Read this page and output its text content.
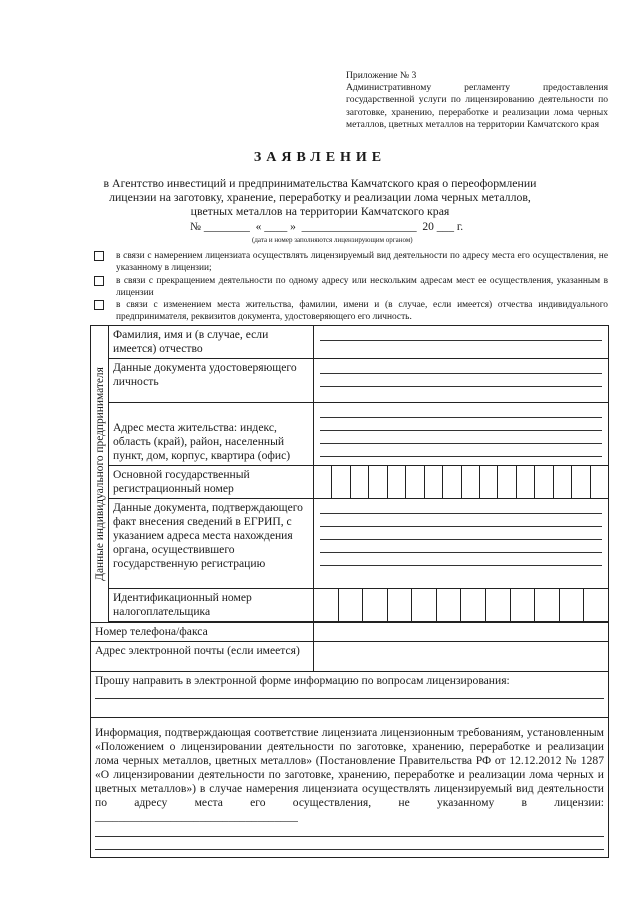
Приложение № 3

Административному регламенту предоставления государственной услуги по лицензированию деятельности по заготовке, хранению, переработке и реализации лома черных металлов, цветных металлов на территории Камчатского края

ЗАЯВЛЕНИЕ
в Агентство инвестиций и предпринимательства Камчатского края о переоформлении лицензии на заготовку, хранение, переработку и реализации лома черных металлов, цветных металлов на территории Камчатского края
№ ________  « ____ »  ____________________  20 ___ г.
(дата и номер заполняются лицензирующим органом)
в связи с намерением лицензиата осуществлять лицензируемый вид деятельности по адресу места его осуществления, не указанному в лицензии;
в связи с прекращением деятельности по одному адресу или нескольким адресам мест ее осуществления, указанным в лицензии
в связи с изменением места жительства, фамилии, имени и (в случае, если имеется) отчества индивидуального предпринимателя, реквизитов документа, удостоверяющего его личность.
Данные индивидуального предпринимателя	Фамилия, имя и (в случае, если имеется) отчество	

	Данные документа удостоверяющего личность	

	Адрес места жительства: индекс, область (край), район, населенный пункт, дом, корпус, квартира (офис)	

	Основной государственный регистрационный номер	

	Данные документа, подтверждающего факт внесения сведений в ЕГРИП, с указанием адреса места нахождения органа, осуществившего государственную регистрацию	

	Идентификационный номер налогоплательщика	

Номер телефона/факса		
Адрес электронной почты (если имеется)		

Прошу направить в электронной форме информацию по вопросам лицензирования:		

Информация, подтверждающая соответствие лицензиата лицензионным требованиям, установленным «Положением о лицензировании деятельности по заготовке, хранению, переработке и реализации лома черных металлов, цветных металлов» (Постановление Правительства РФ от 12.12.2012 № 1287 «О лицензировании деятельности по заготовке, хранению, переработке и реализации лома черных и цветных металлов») в случае намерения лицензиата осуществлять лицензируемый вид деятельности по адресу места его осуществления, не указанному в лицензии: ___________________________________		
